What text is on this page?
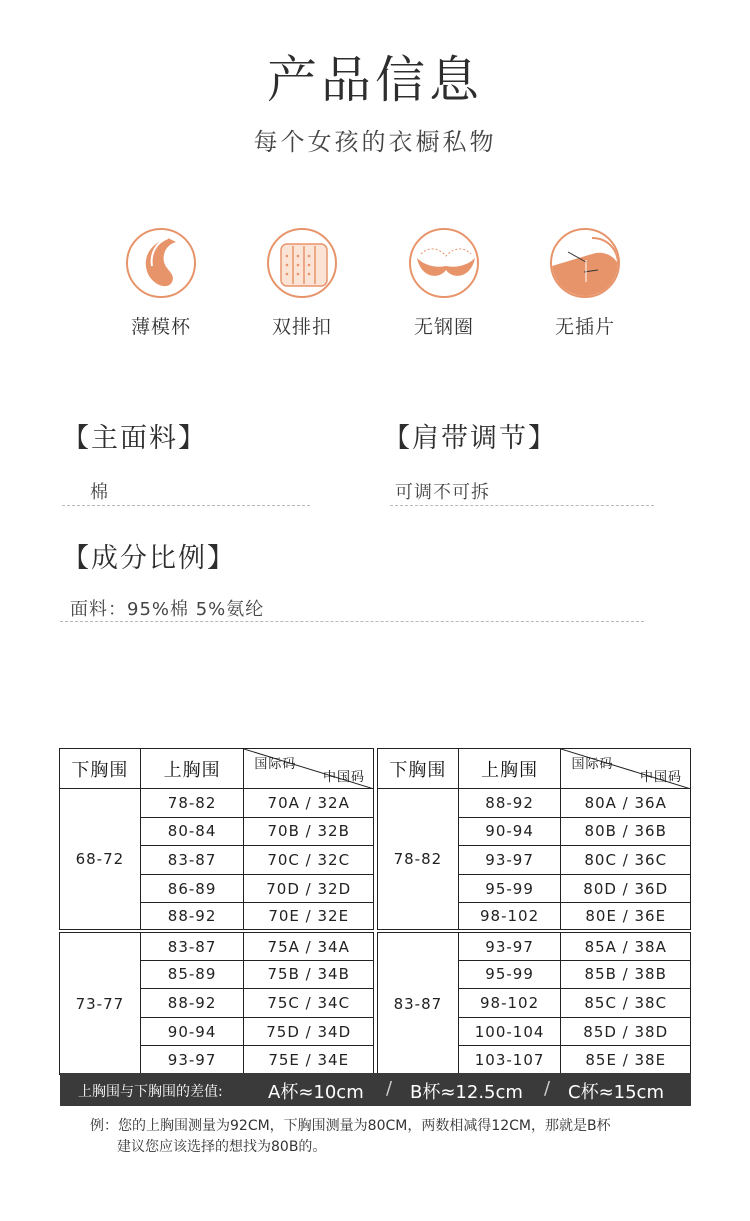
产品信息
每个女孩的衣橱私物
薄模杯	双排扣	无钢圈	无插片
【主面料】
棉
【肩带调节】
可调不可拆
【成分比例】
面料：95%棉 5%氨纶
下胸围	上胸围	国际码
中国码

68-72	78-82	70A / 32A
	80-84	70B / 32B
	83-87	70C / 32C
	86-89	70D / 32D
	88-92	70E / 32E
73-77	83-87	75A / 34A
	85-89	75B / 34B
	88-92	75C / 34C
	90-94	75D / 34D
	93-97	75E / 34E
下胸围	上胸围	国际码
中国码

78-82	88-92	80A / 36A
	90-94	80B / 36B
	93-97	80C / 36C
	95-99	80D / 36D
	98-102	80E / 36E
83-87	93-97	85A / 38A
	95-99	85B / 38B
	98-102	85C / 38C
	100-104	85D / 38D
	103-107	85E / 38E
上胸围与下胸围的差值:	A杯≈10cm / B杯≈12.5cm / C杯≈15cm
例：您的上胸围测量为92CM，下胸围测量为80CM，两数相减得12CM，那就是B杯
建议您应该选择的想找为80B的。
